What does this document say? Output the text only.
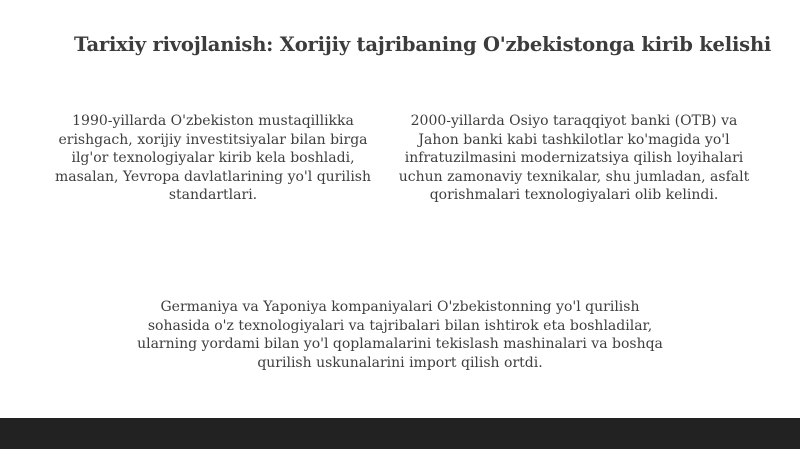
Tarixiy rivojlanish: Xorijiy tajribaning O'zbekistonga kirib kelishi

1990-yillarda O'zbekiston mustaqillikka erishgach, xorijiy investitsiyalar bilan birga ilg'or texnologiyalar kirib kela boshladi, masalan, Yevropa davlatlarining yo'l qurilish standartlari.

2000-yillarda Osiyo taraqqiyot banki (OTB) va Jahon banki kabi tashkilotlar ko'magida yo'l infratuzilmasini modernizatsiya qilish loyihalari uchun zamonaviy texnikalar, shu jumladan, asfalt qorishmalari texnologiyalari olib kelindi.

Germaniya va Yaponiya kompaniyalari O'zbekistonning yo'l qurilish sohasida o'z texnologiyalari va tajribalari bilan ishtirok eta boshladilar, ularning yordami bilan yo'l qoplamalarini tekislash mashinalari va boshqa qurilish uskunalarini import qilish ortdi.
